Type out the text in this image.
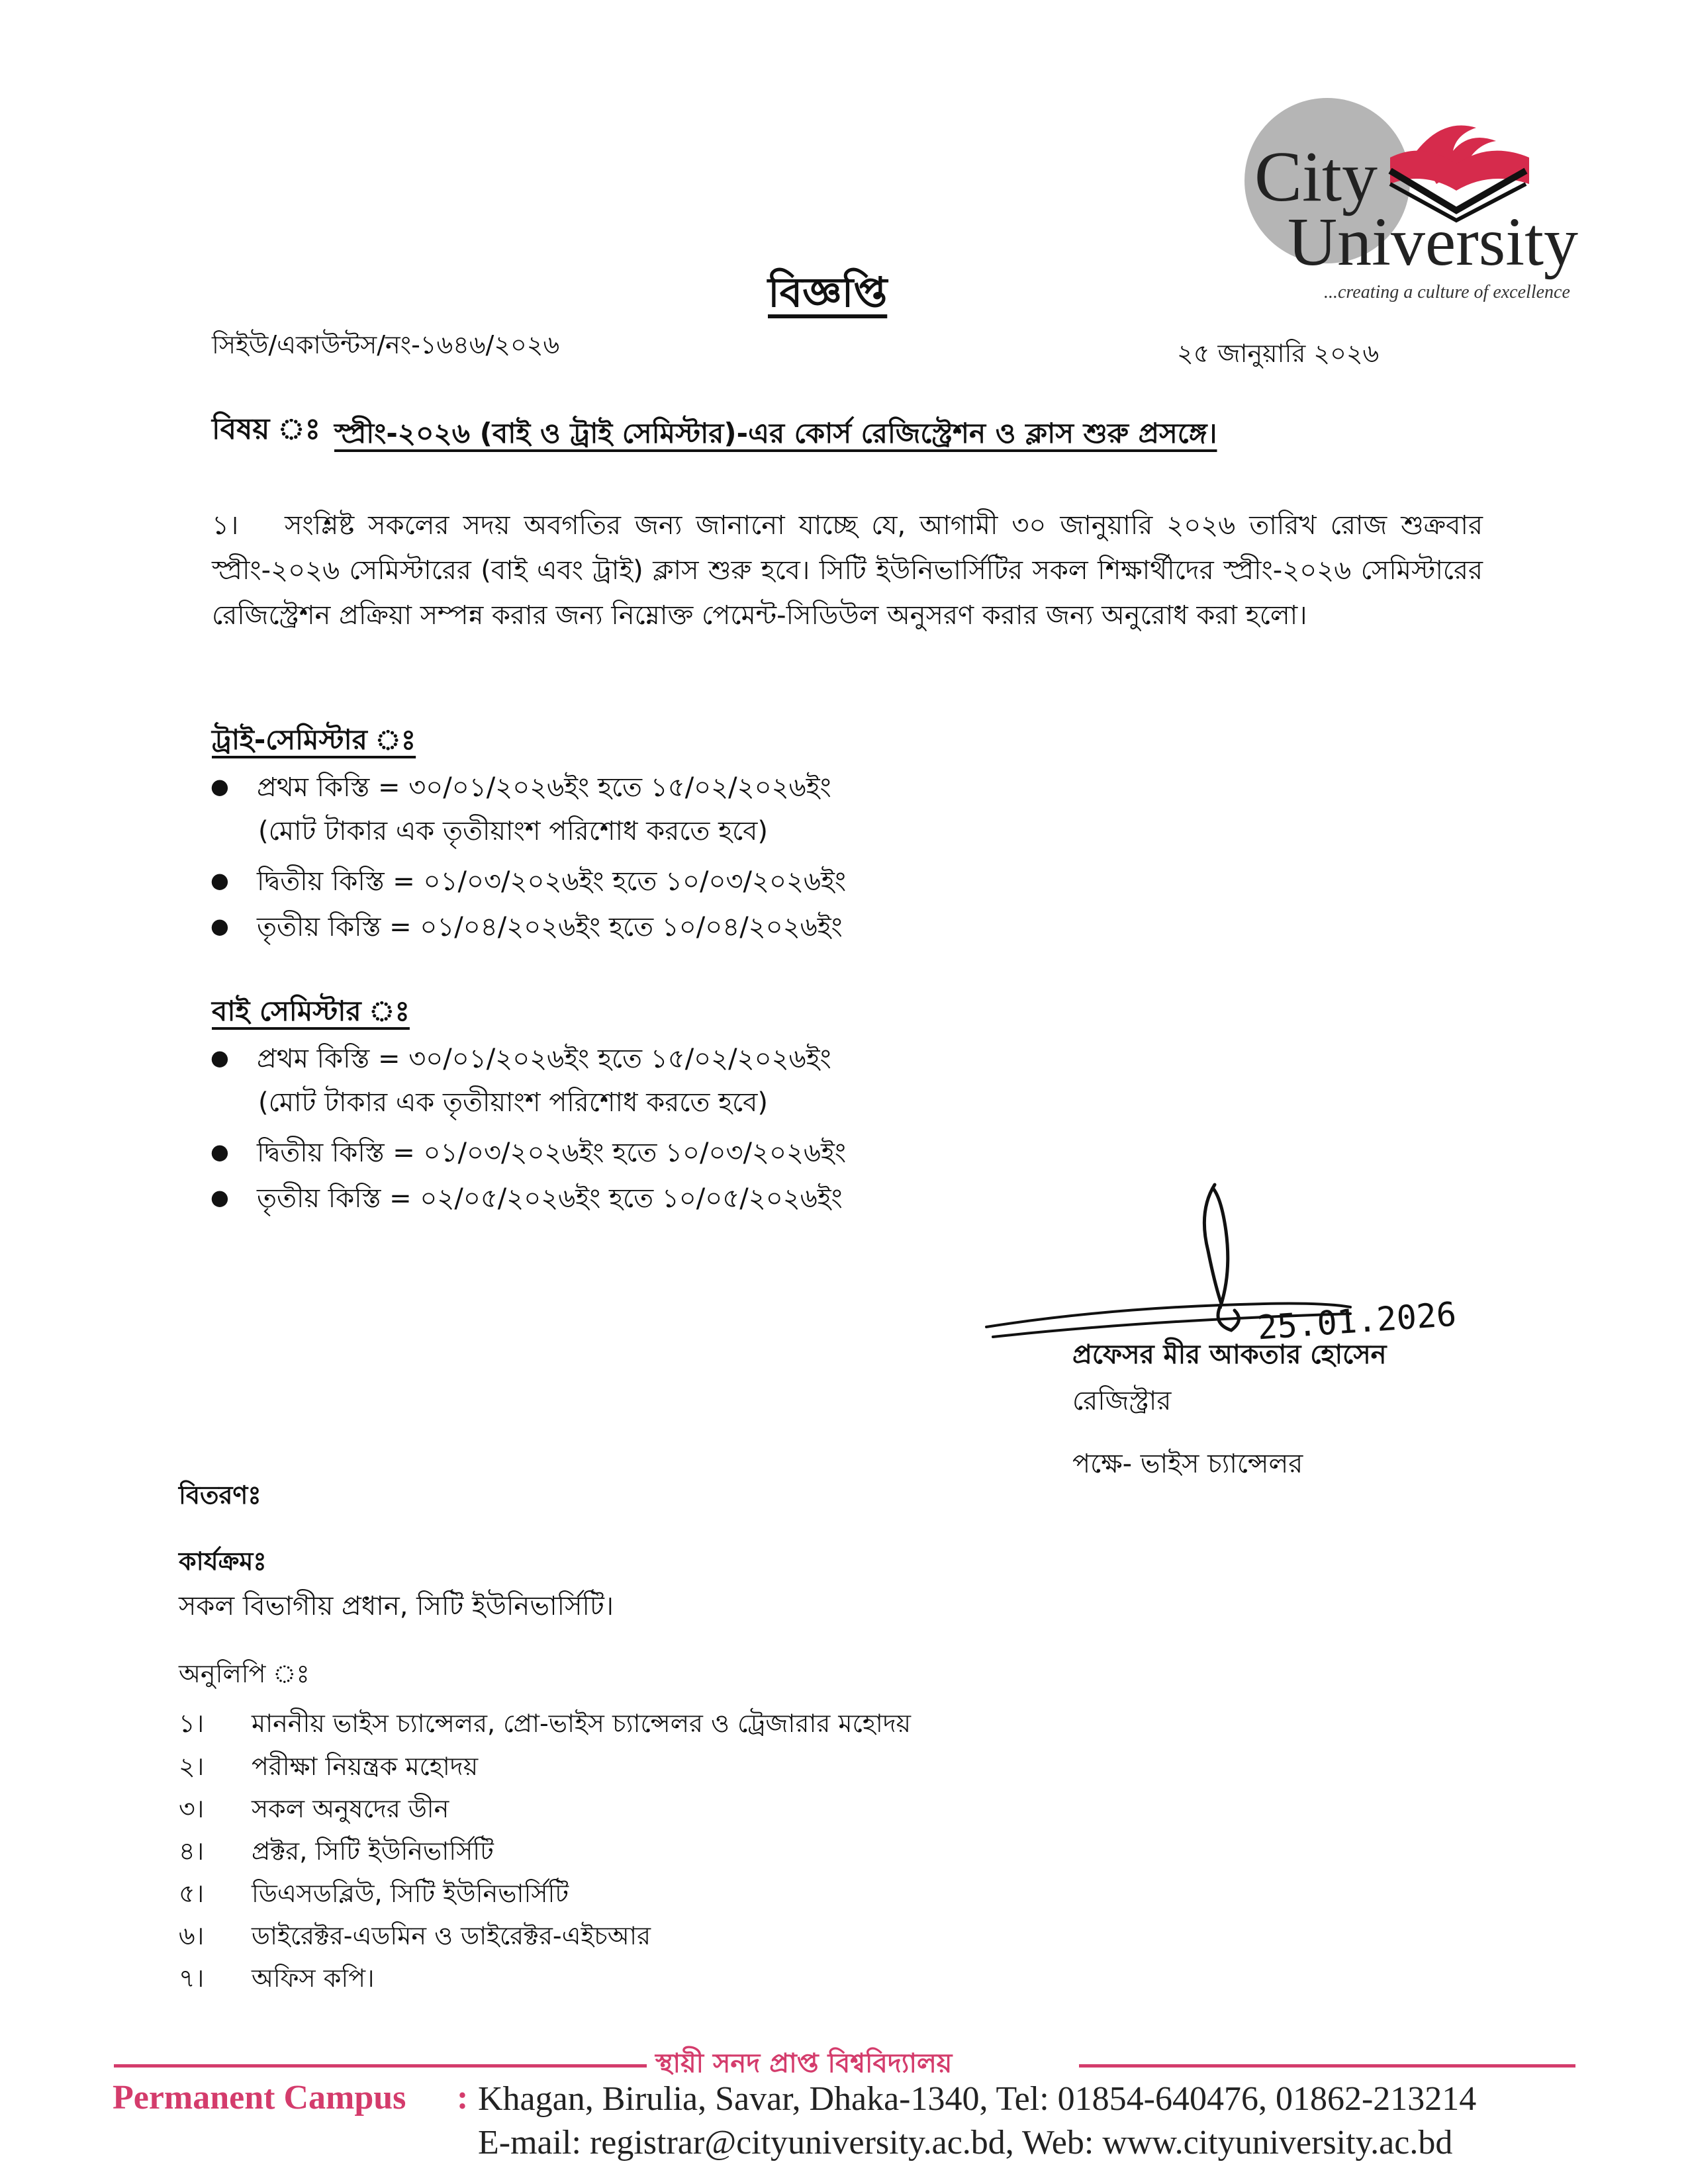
City
University
...creating a culture of excellence
বিজ্ঞপ্তি
সিইউ/একাউন্টস/নং-১৬৪৬/২০২৬	২৫ জানুয়ারি ২০২৬
বিষয় ঃ স্প্রীং-২০২৬ (বাই ও ট্রাই সেমিস্টার)-এর কোর্স রেজিস্ট্রেশন ও ক্লাস শুরু প্রসঙ্গে।
১। সংশ্লিষ্ট সকলের সদয় অবগতির জন্য জানানো যাচ্ছে যে, আগামী ৩০ জানুয়ারি ২০২৬ তারিখ রোজ শুক্রবার স্প্রীং-২০২৬ সেমিস্টারের (বাই এবং ট্রাই) ক্লাস শুরু হবে। সিটি ইউনিভার্সিটির সকল শিক্ষার্থীদের স্প্রীং-২০২৬ সেমিস্টারের রেজিস্ট্রেশন প্রক্রিয়া সম্পন্ন করার জন্য নিম্নোক্ত পেমেন্ট-সিডিউল অনুসরণ করার জন্য অনুরোধ করা হলো।
ট্রাই-সেমিস্টার ঃ
● প্রথম কিস্তি = ৩০/০১/২০২৬ইং হতে ১৫/০২/২০২৬ইং
(মোট টাকার এক তৃতীয়াংশ পরিশোধ করতে হবে)
● দ্বিতীয় কিস্তি = ০১/০৩/২০২৬ইং হতে ১০/০৩/২০২৬ইং
● তৃতীয় কিস্তি = ০১/০৪/২০২৬ইং হতে ১০/০৪/২০২৬ইং
বাই সেমিস্টার ঃ
● প্রথম কিস্তি = ৩০/০১/২০২৬ইং হতে ১৫/০২/২০২৬ইং
(মোট টাকার এক তৃতীয়াংশ পরিশোধ করতে হবে)
● দ্বিতীয় কিস্তি = ০১/০৩/২০২৬ইং হতে ১০/০৩/২০২৬ইং
● তৃতীয় কিস্তি = ০২/০৫/২০২৬ইং হতে ১০/০৫/২০২৬ইং
25.01.2026
প্রফেসর মীর আকতার হোসেন
রেজিস্ট্রার
পক্ষে- ভাইস চ্যান্সেলর
বিতরণঃ
কার্যক্রমঃ
সকল বিভাগীয় প্রধান, সিটি ইউনিভার্সিটি।
অনুলিপি ঃ
১। মাননীয় ভাইস চ্যান্সেলর, প্রো-ভাইস চ্যান্সেলর ও ট্রেজারার মহোদয়
২। পরীক্ষা নিয়ন্ত্রক মহোদয়
৩। সকল অনুষদের ডীন
৪। প্রক্টর, সিটি ইউনিভার্সিটি
৫। ডিএসডব্লিউ, সিটি ইউনিভার্সিটি
৬। ডাইরেক্টর-এডমিন ও ডাইরেক্টর-এইচআর
৭। অফিস কপি।
স্থায়ী সনদ প্রাপ্ত বিশ্ববিদ্যালয়
Permanent Campus : Khagan, Birulia, Savar, Dhaka-1340, Tel: 01854-640476, 01862-213214
E-mail: registrar@cityuniversity.ac.bd, Web: www.cityuniversity.ac.bd
